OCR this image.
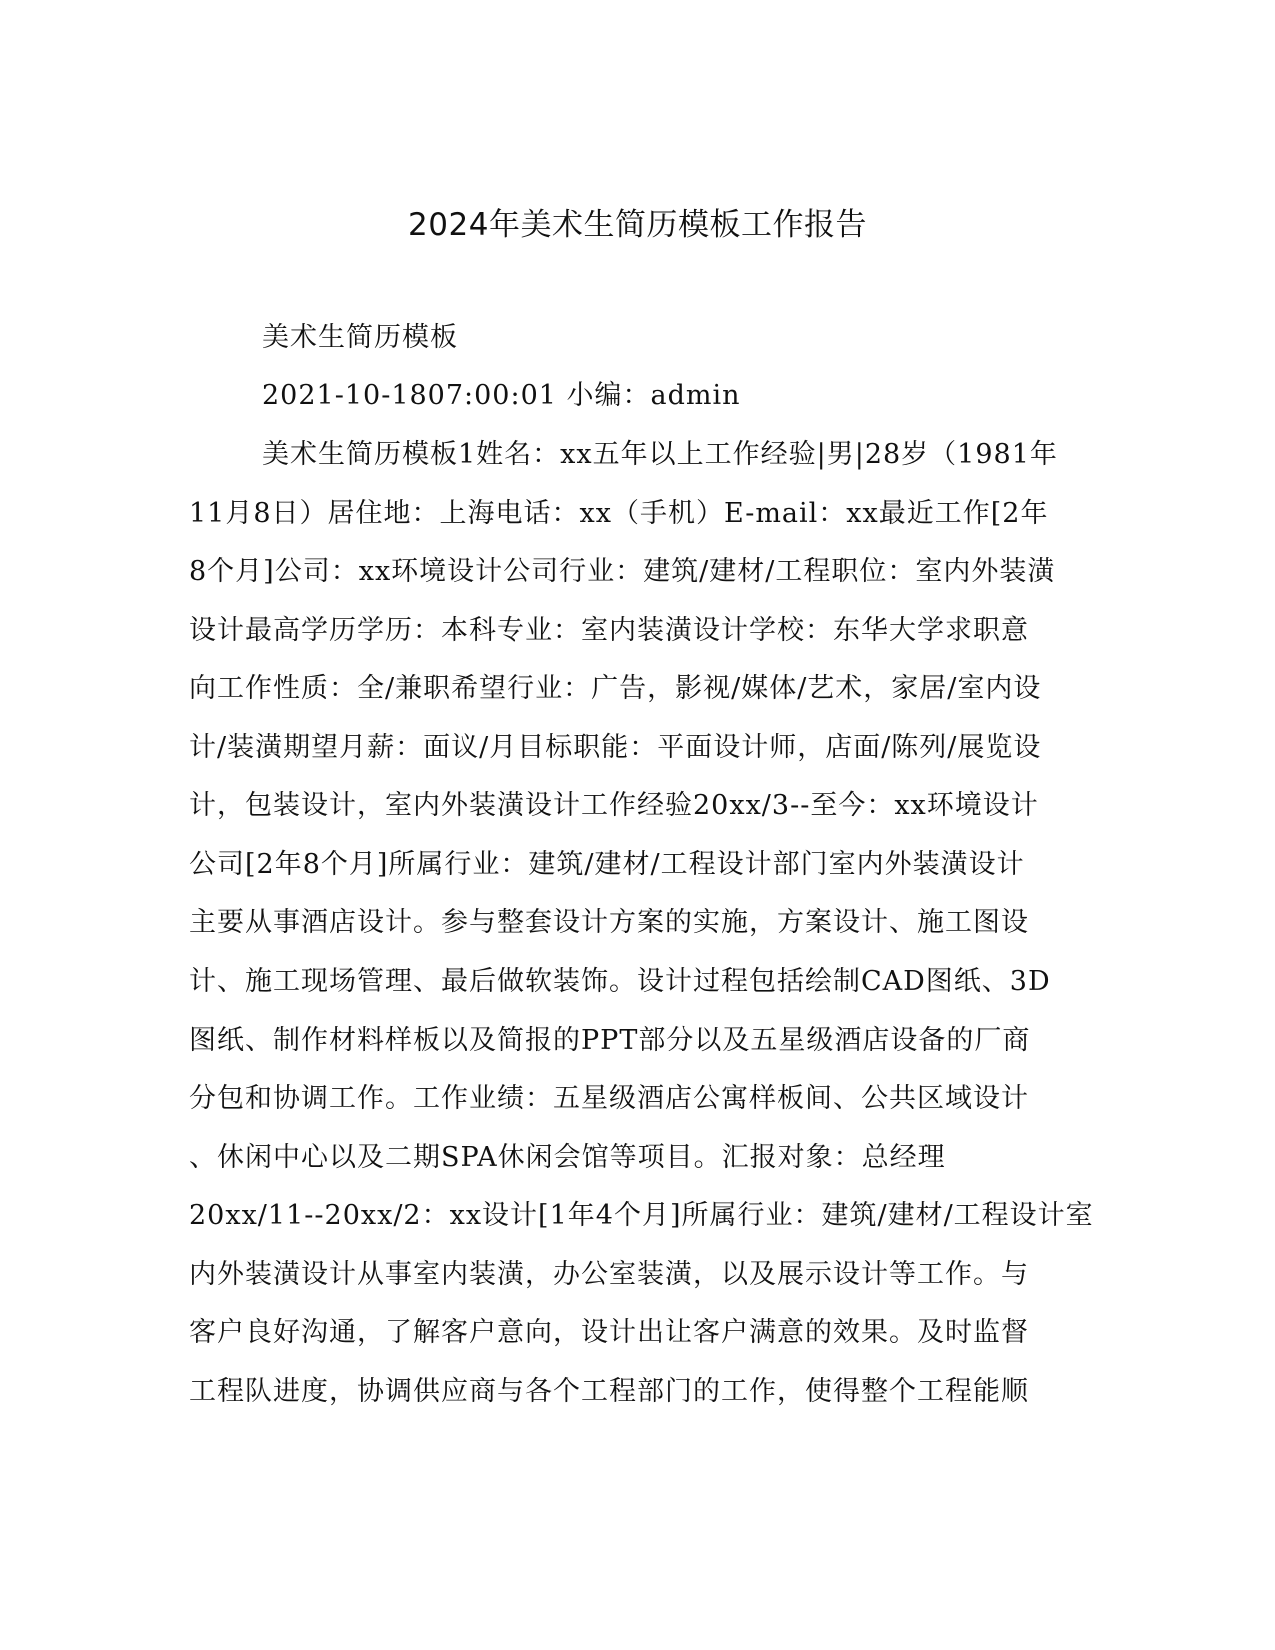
2024年美术生简历模板工作报告

美术生简历模板

2021-10-1807:00:01 小编：admin

美术生简历模板1姓名：xx五年以上工作经验|男|28岁（1981年

11月8日）居住地：上海电话：xx（手机）E-mail：xx最近工作[2年

8个月]公司：xx环境设计公司行业：建筑/建材/工程职位：室内外装潢

设计最高学历学历：本科专业：室内装潢设计学校：东华大学求职意

向工作性质：全/兼职希望行业：广告，影视/媒体/艺术，家居/室内设

计/装潢期望月薪：面议/月目标职能：平面设计师，店面/陈列/展览设

计，包装设计，室内外装潢设计工作经验20xx/3--至今：xx环境设计

公司[2年8个月]所属行业：建筑/建材/工程设计部门室内外装潢设计

主要从事酒店设计。参与整套设计方案的实施，方案设计、施工图设

计、施工现场管理、最后做软装饰。设计过程包括绘制CAD图纸、3D

图纸、制作材料样板以及简报的PPT部分以及五星级酒店设备的厂商

分包和协调工作。工作业绩：五星级酒店公寓样板间、公共区域设计

、休闲中心以及二期SPA休闲会馆等项目。汇报对象：总经理

20xx/11--20xx/2：xx设计[1年4个月]所属行业：建筑/建材/工程设计室

内外装潢设计从事室内装潢，办公室装潢，以及展示设计等工作。与

客户良好沟通，了解客户意向，设计出让客户满意的效果。及时监督

工程队进度，协调供应商与各个工程部门的工作，使得整个工程能顺
